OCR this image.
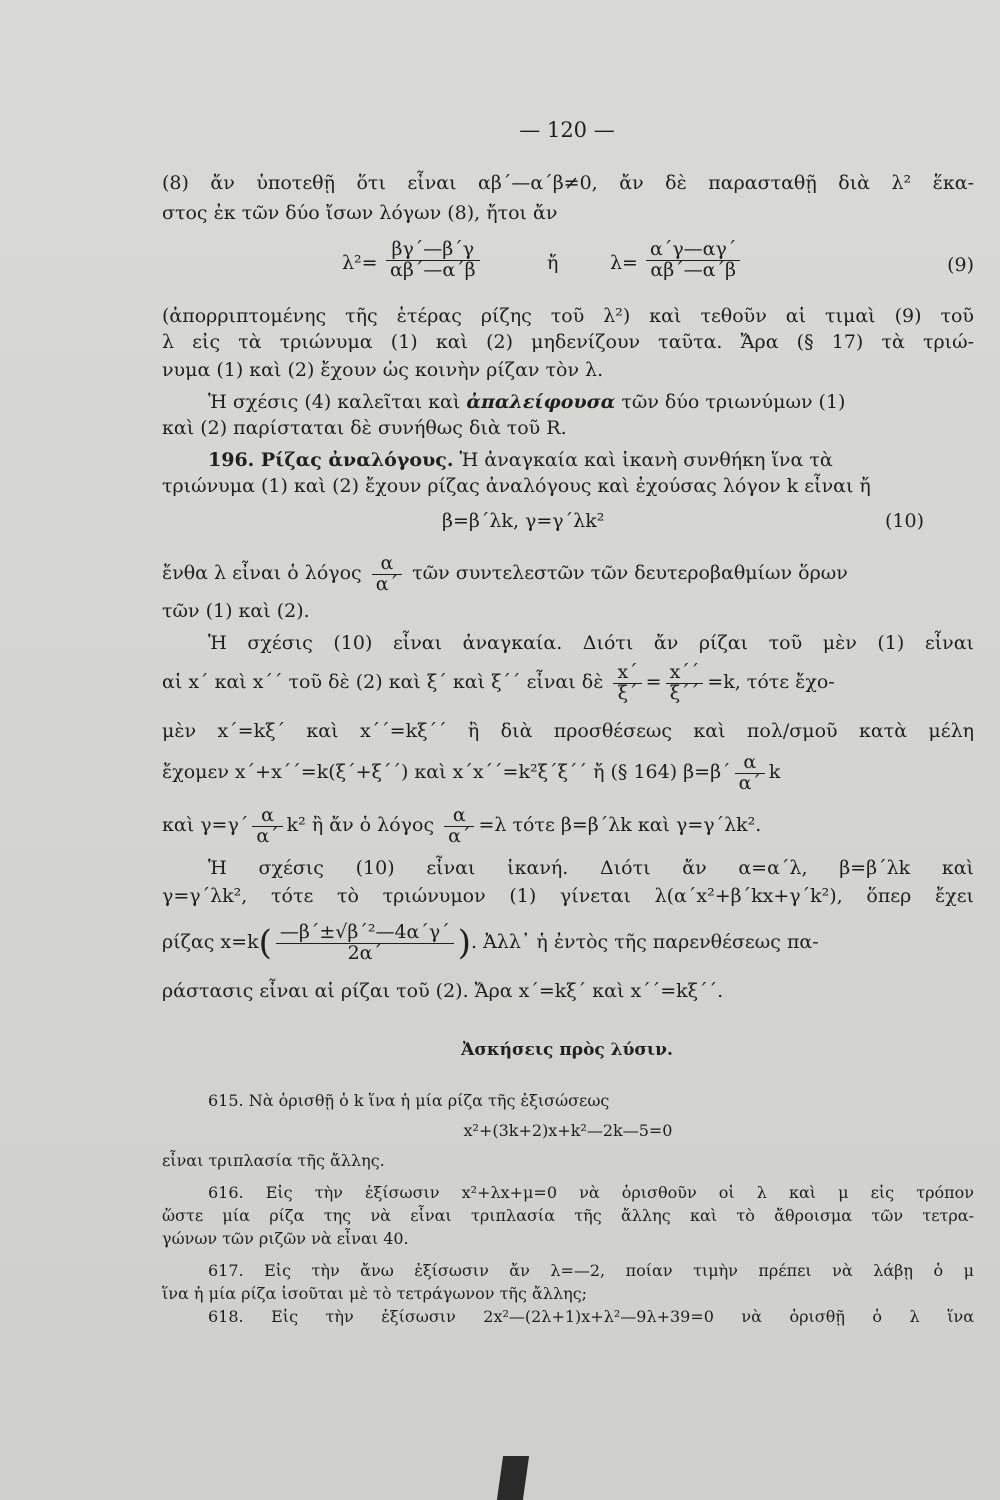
— 120 —
(8) ἄν ὑποτεθῇ ὅτι εἶναι αβ΄—α΄β≠0, ἄν δὲ παρασταθῇ διὰ λ² ἕκα-
στος ἐκ τῶν δύο ἴσων λόγων (8), ἤτοι ἄν
$\lambda^2= \frac{\beta\gamma΄—\beta΄\gamma}{\alpha\beta΄—\alpha΄\beta}$	ἤ	$\lambda= \frac{\alpha΄\gamma—\alpha\gamma΄}{\alpha\beta΄—\alpha΄\beta}$	(9)
(ἀπορριπτομένης τῆς ἑτέρας ρίζης τοῦ λ²) καὶ τεθοῦν αἱ τιμαὶ (9) τοῦ
λ εἰς τὰ τριώνυμα (1) καὶ (2) μηδενίζουν ταῦτα. Ἄρα (§ 17) τὰ τριώ-
νυμα (1) καὶ (2) ἔχουν ὡς κοινὴν ρίζαν τὸν λ.
Ἡ σχέσις (4) καλεῖται καὶ ἀπαλείφουσα τῶν δύο τριωνύμων (1)
καὶ (2) παρίσταται δὲ συνήθως διὰ τοῦ R.
196. Ρίζας ἀναλόγους. Ἡ ἀναγκαία καὶ ἱκανὴ συνθήκη ἵνα τὰ
τριώνυμα (1) καὶ (2) ἔχουν ρίζας ἀναλόγους καὶ ἐχούσας λόγον k εἶναι ἤ
β=β΄λk, γ=γ΄λk²	(10)
ἔνθα λ εἶναι ὁ λόγος $\frac{\alpha}{\alpha΄}$ τῶν συντελεστῶν τῶν δευτεροβαθμίων ὅρων
τῶν (1) καὶ (2).
Ἡ σχέσις (10) εἶναι ἀναγκαία. Διότι ἄν ρίζαι τοῦ μὲν (1) εἶναι
αἱ x΄ καὶ x΄΄ τοῦ δὲ (2) καὶ ξ΄ καὶ ξ΄΄ εἶναι δὲ $\frac{x΄}{\xi΄} = \frac{x΄΄}{\xi΄΄} =k$, τότε ἔχο-
μὲν x΄=kξ΄ καὶ x΄΄=kξ΄΄ ἢ διὰ προσθέσεως καὶ πολ/σμοῦ κατὰ μέλη
ἔχομεν x΄+x΄΄=k(ξ΄+ξ΄΄) καὶ x΄x΄΄=k²ξ΄ξ΄΄ ἤ (§ 164) $\beta=\beta΄ \frac{\alpha}{\alpha΄}$ k
καὶ $\gamma=\gamma΄ \frac{\alpha}{\alpha΄} k^2$ ἢ ἄν ὁ λόγος $\frac{\alpha}{\alpha΄} =\lambda$ τότε β=β΄λk καὶ γ=γ΄λk².
Ἡ σχέσις (10) εἶναι ἱκανή. Διότι ἄν α=α΄λ, β=β΄λk καὶ
γ=γ΄λk², τότε τὸ τριώνυμον (1) γίνεται λ(α΄x²+β΄kx+γ΄k²), ὅπερ ἔχει
ρίζας $x=k( \frac{\text{—β΄±√β΄²—4α΄γ΄}}{2\alpha΄}$ ). Ἀλλ᾽ ἡ ἐντὸς τῆς παρενθέσεως πα-
ράστασις εἶναι αἱ ρίζαι τοῦ (2). Ἄρα x΄=kξ΄ καὶ x΄΄=kξ΄΄.
Ἀσκήσεις πρὸς λύσιν.
615. Νὰ ὁρισθῇ ὁ k ἵνα ἡ μία ρίζα τῆς ἐξισώσεως
x²+(3k+2)x+k²—2k—5=0
εἶναι τριπλασία τῆς ἄλλης.
616. Εἰς τὴν ἐξίσωσιν x²+λx+μ=0 νὰ ὁρισθοῦν οἱ λ καὶ μ εἰς τρόπον
ὥστε μία ρίζα της νὰ εἶναι τριπλασία τῆς ἄλλης καὶ τὸ ἄθροισμα τῶν τετρα-
γώνων τῶν ριζῶν νὰ εἶναι 40.
617. Εἰς τὴν ἄνω ἐξίσωσιν ἄν λ=—2, ποίαν τιμὴν πρέπει νὰ λάβῃ ὁ μ
ἵνα ἡ μία ρίζα ἰσοῦται μὲ τὸ τετράγωνον τῆς ἄλλης;
618. Εἰς τὴν ἐξίσωσιν 2x²—(2λ+1)x+λ²—9λ+39=0 νὰ ὁρισθῇ ὁ λ ἵνα
